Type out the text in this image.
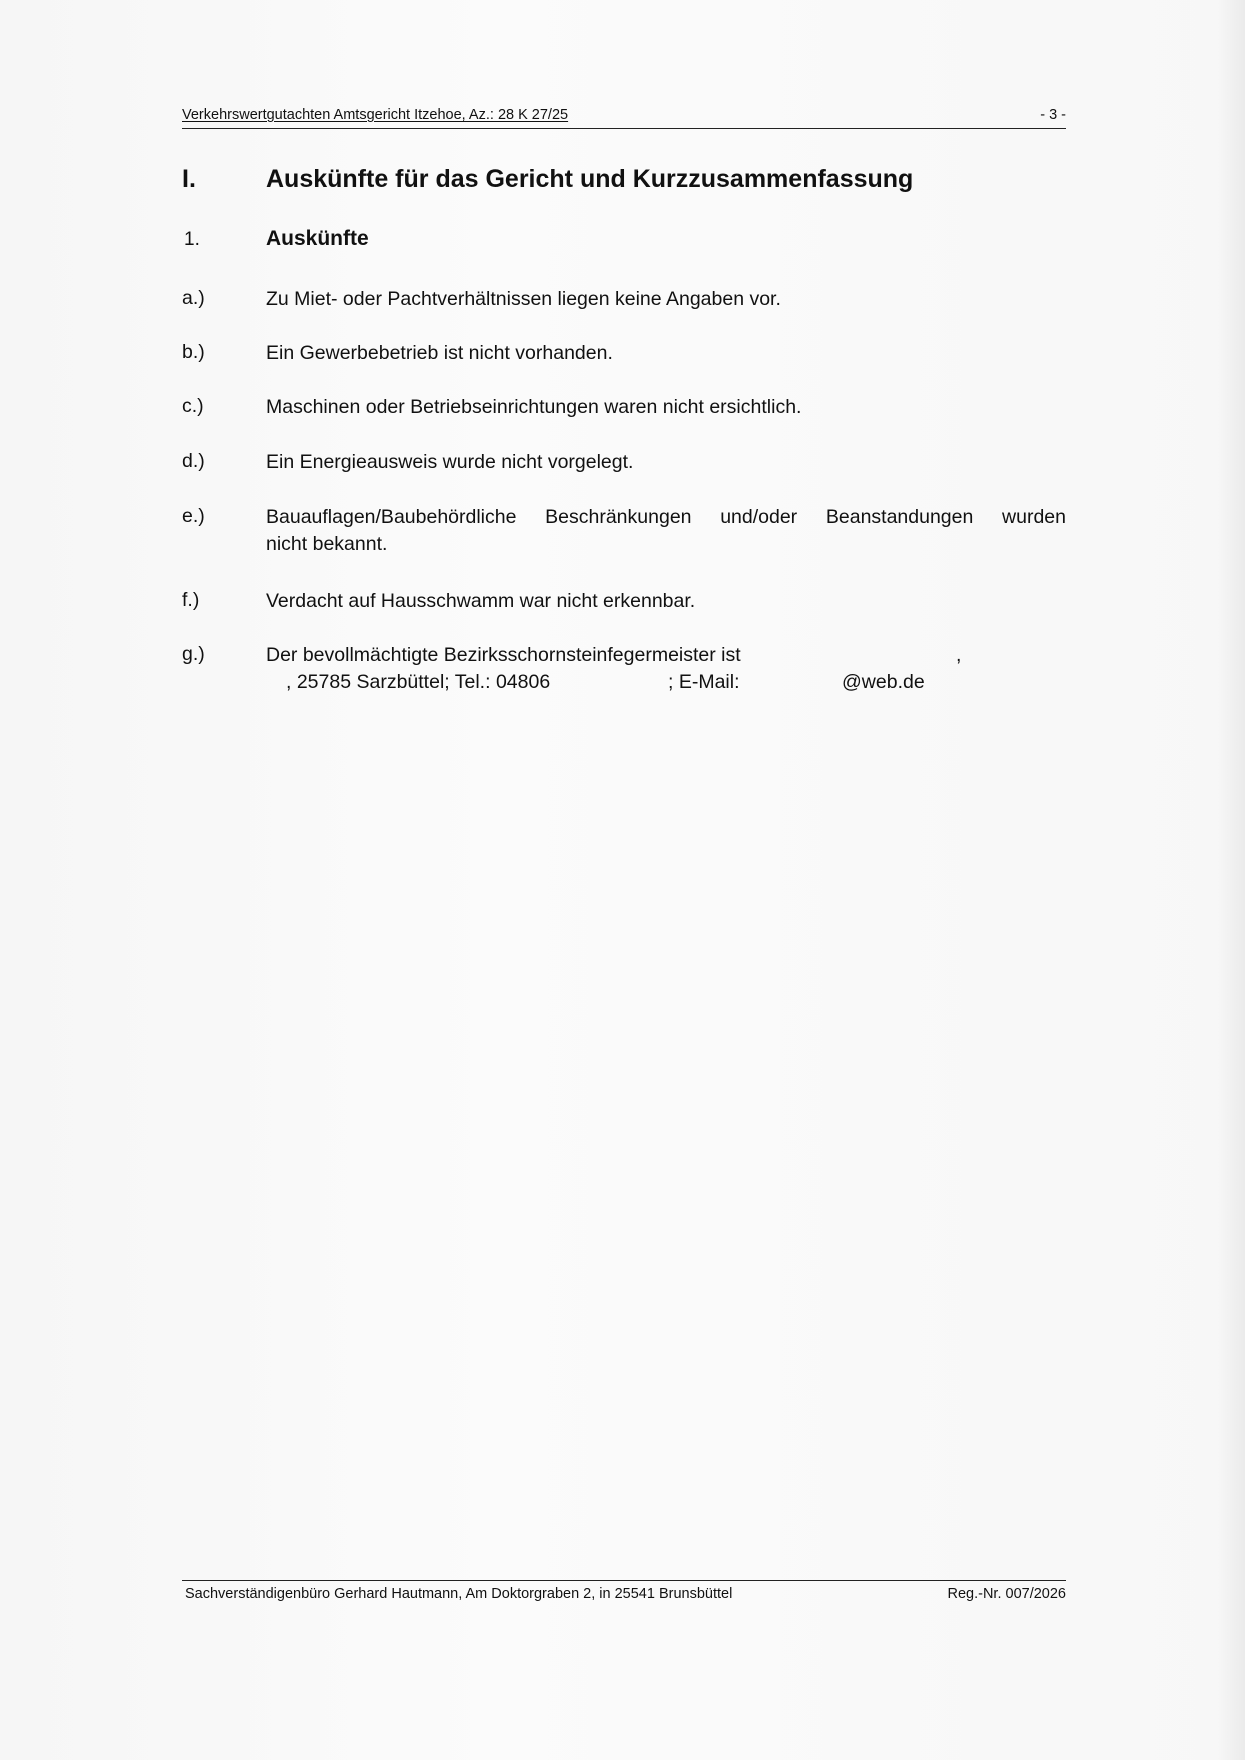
Verkehrswertgutachten Amtsgericht Itzehoe, Az.: 28 K 27/25	- 3 -
I.	Auskünfte für das Gericht und Kurzzusammenfassung
1.	Auskünfte
a.)	Zu Miet- oder Pachtverhältnissen liegen keine Angaben vor.
b.)	Ein Gewerbebetrieb ist nicht vorhanden.
c.)	Maschinen oder Betriebseinrichtungen waren nicht ersichtlich.
d.)	Ein Energieausweis wurde nicht vorgelegt.
e.)	Bauauflagen/Baubehördliche Beschränkungen und/oder Beanstandungen wurden
nicht bekannt.
f.)	Verdacht auf Hausschwamm war nicht erkennbar.
g.)	Der bevollmächtigte Bezirksschornsteinfegermeister ist	,
, 25785 Sarzbüttel; Tel.: 04806	; E-Mail:	@web.de
Sachverständigenbüro Gerhard Hautmann, Am Doktorgraben 2, in 25541 Brunsbüttel	Reg.-Nr. 007/2026
